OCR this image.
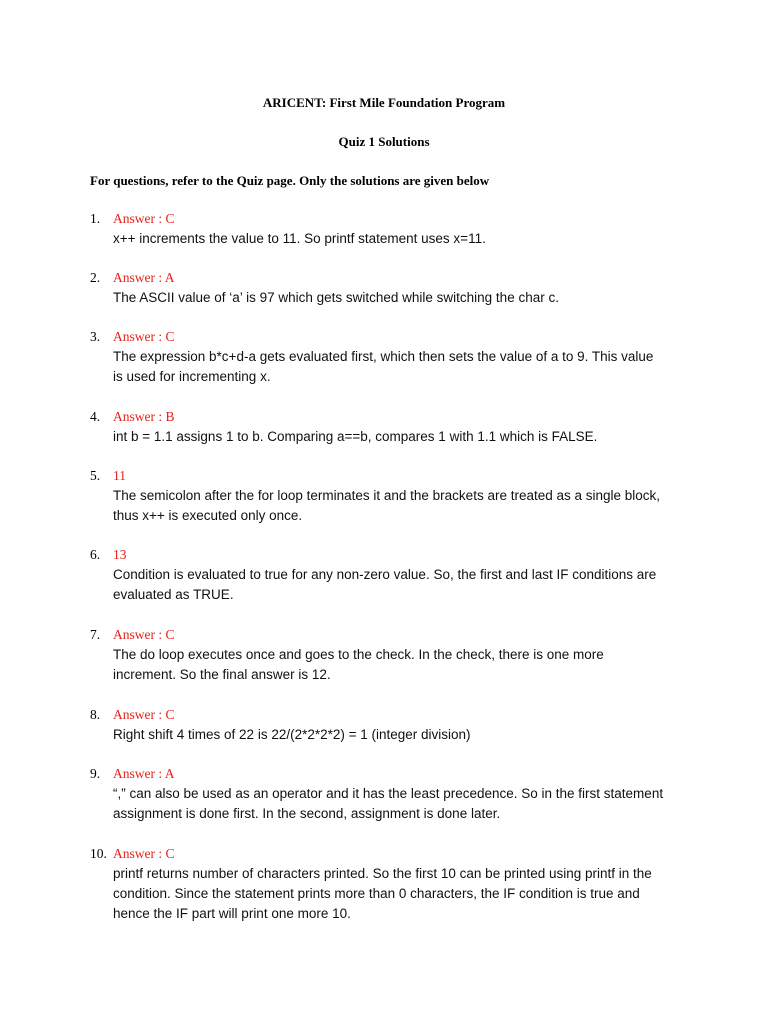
ARICENT: First Mile Foundation Program
Quiz 1 Solutions
For questions, refer to the Quiz page. Only the solutions are given below
1. Answer : C
x++ increments the value to 11. So printf statement uses x=11.
2. Answer : A
The ASCII value of ‘a’ is 97 which gets switched while switching the char c.
3. Answer : C
The expression b*c+d-a gets evaluated first, which then sets the value of a to 9. This value
is used for incrementing x.
4. Answer : B
int b = 1.1 assigns 1 to b. Comparing a==b, compares 1 with 1.1 which is FALSE.
5. 11
The semicolon after the for loop terminates it and the brackets are treated as a single block,
thus x++ is executed only once.
6. 13
Condition is evaluated to true for any non-zero value. So, the first and last IF conditions are
evaluated as TRUE.
7. Answer : C
The do loop executes once and goes to the check. In the check, there is one more
increment. So the final answer is 12.
8. Answer : C
Right shift 4 times of 22 is 22/(2*2*2*2) = 1 (integer division)
9. Answer : A
“,” can also be used as an operator and it has the least precedence. So in the first statement
assignment is done first. In the second, assignment is done later.
10. Answer : C
printf returns number of characters printed. So the first 10 can be printed using printf in the
condition. Since the statement prints more than 0 characters, the IF condition is true and
hence the IF part will print one more 10.
